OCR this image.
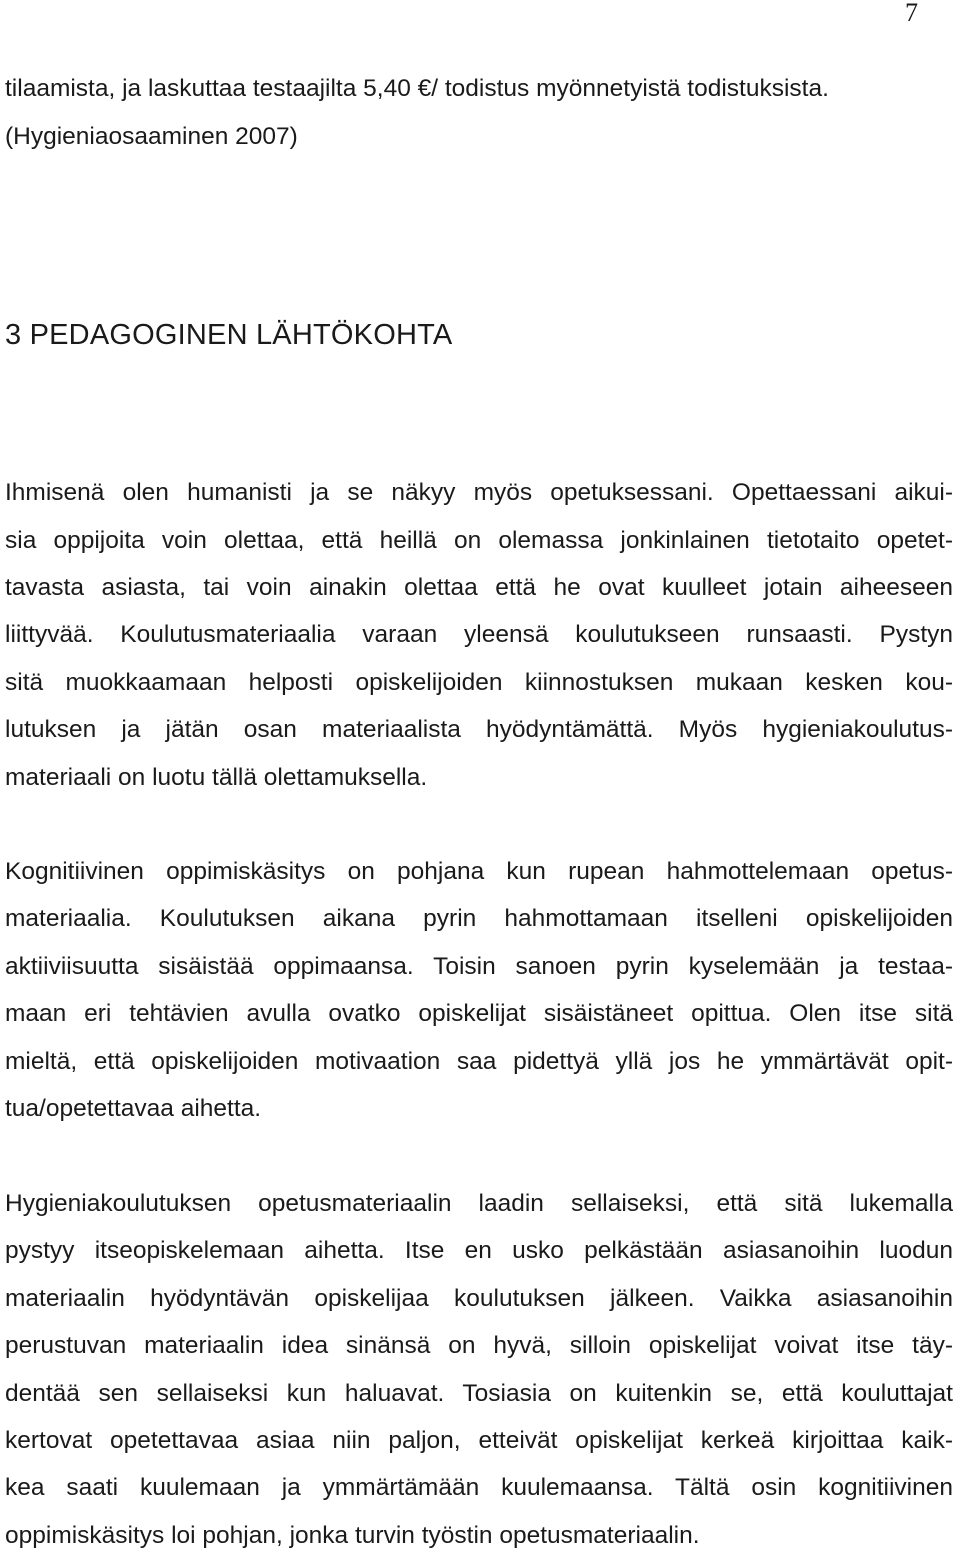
7
tilaamista, ja laskuttaa testaajilta 5,40 €/ todistus myönnetyistä todistuksista.
(Hygieniaosaaminen 2007)
3 PEDAGOGINEN LÄHTÖKOHTA
Ihmisenä olen humanisti ja se näkyy myös opetuksessani. Opettaessani aikui-
sia oppijoita voin olettaa, että heillä on olemassa jonkinlainen tietotaito opetet-
tavasta asiasta, tai voin ainakin olettaa että he ovat kuulleet jotain aiheeseen
liittyvää. Koulutusmateriaalia varaan yleensä koulutukseen runsaasti. Pystyn
sitä muokkaamaan helposti opiskelijoiden kiinnostuksen mukaan kesken kou-
lutuksen ja jätän osan materiaalista hyödyntämättä. Myös hygieniakoulutus-
materiaali on luotu tällä olettamuksella.
Kognitiivinen oppimiskäsitys on pohjana kun rupean hahmottelemaan opetus-
materiaalia. Koulutuksen aikana pyrin hahmottamaan itselleni opiskelijoiden
aktiiviisuutta sisäistää oppimaansa. Toisin sanoen pyrin kyselemään ja testaa-
maan eri tehtävien avulla ovatko opiskelijat sisäistäneet opittua. Olen itse sitä
mieltä, että opiskelijoiden motivaation saa pidettyä yllä jos he ymmärtävät opit-
tua/opetettavaa aihetta.
Hygieniakoulutuksen opetusmateriaalin laadin sellaiseksi, että sitä lukemalla
pystyy itseopiskelemaan aihetta. Itse en usko pelkästään asiasanoihin luodun
materiaalin hyödyntävän opiskelijaa koulutuksen jälkeen. Vaikka asiasanoihin
perustuvan materiaalin idea sinänsä on hyvä, silloin opiskelijat voivat itse täy-
dentää sen sellaiseksi kun haluavat. Tosiasia on kuitenkin se, että kouluttajat
kertovat opetettavaa asiaa niin paljon, etteivät opiskelijat kerkeä kirjoittaa kaik-
kea saati kuulemaan ja ymmärtämään kuulemaansa. Tältä osin kognitiivinen
oppimiskäsitys loi pohjan, jonka turvin työstin opetusmateriaalin.
